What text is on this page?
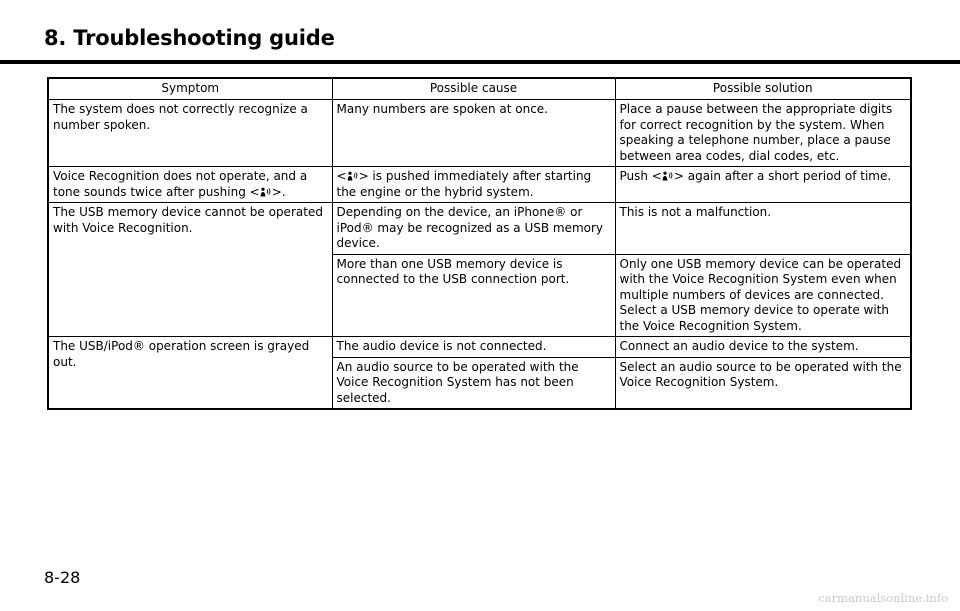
8. Troubleshooting guide
Symptom	Possible cause	Possible solution
The system does not correctly recognize a number spoken.	Many numbers are spoken at once.	Place a pause between the appropriate digits for correct recognition by the system. When speaking a telephone number, place a pause between area codes, dial codes, etc.
Voice Recognition does not operate, and a tone sounds twice after pushing < >.	< > is pushed immediately after starting the engine or the hybrid system.	Push < > again after a short period of time.
The USB memory device cannot be operated with Voice Recognition.	Depending on the device, an iPhone® or iPod® may be recognized as a USB memory device.	This is not a malfunction.
	More than one USB memory device is connected to the USB connection port.	Only one USB memory device can be operated with the Voice Recognition System even when multiple numbers of devices are connected. Select a USB memory device to operate with the Voice Recognition System.
The USB/iPod® operation screen is grayed out.	The audio device is not connected.	Connect an audio device to the system.
	An audio source to be operated with the Voice Recognition System has not been selected.	Select an audio source to be operated with the Voice Recognition System.
8-28
carmanualsonline.info
